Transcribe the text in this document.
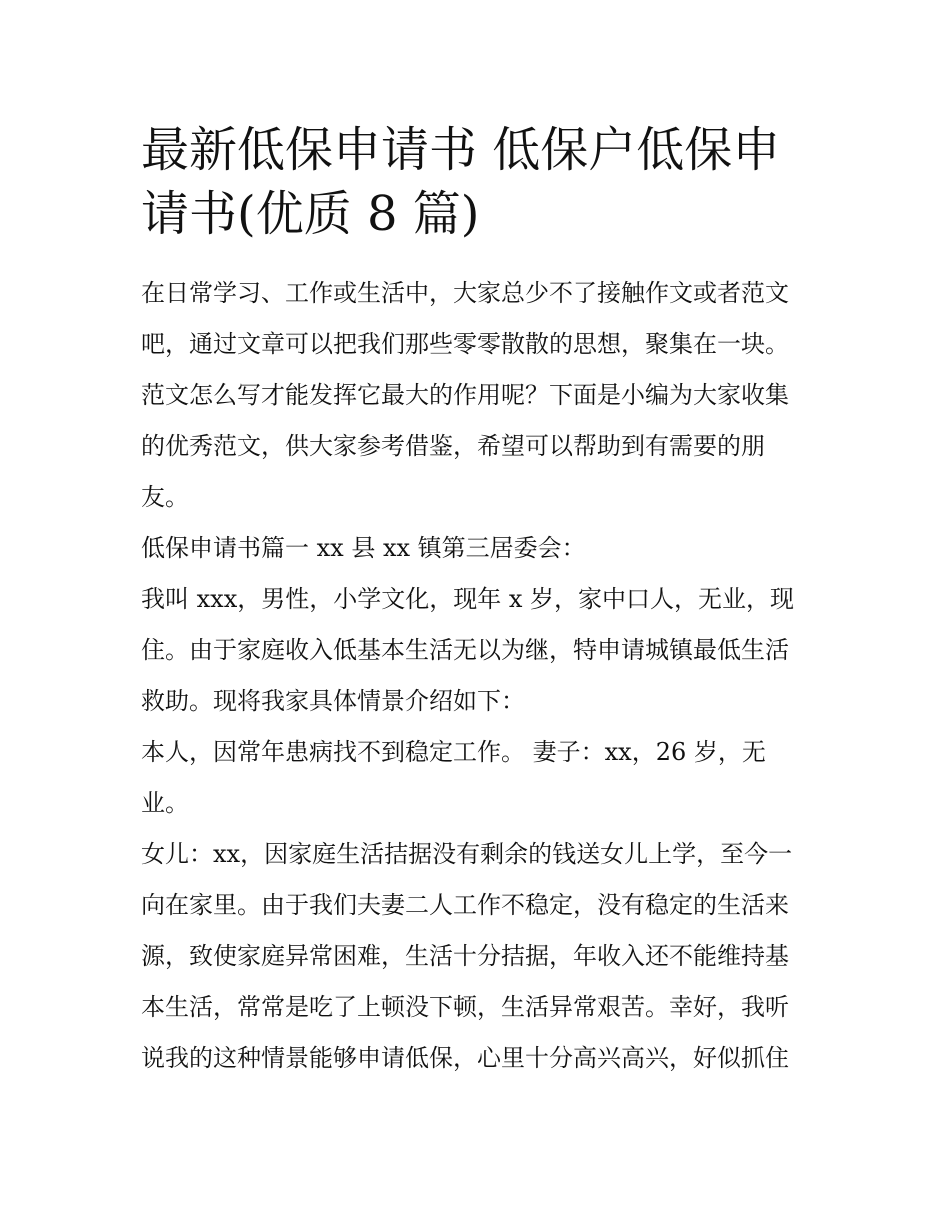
最新低保申请书 低保户低保申
请书(优质 8 篇)
在日常学习、工作或生活中，大家总少不了接触作文或者范文
吧，通过文章可以把我们那些零零散散的思想，聚集在一块。
范文怎么写才能发挥它最大的作用呢？下面是小编为大家收集
的优秀范文，供大家参考借鉴，希望可以帮助到有需要的朋
友。
低保申请书篇一 xx 县 xx 镇第三居委会：
我叫 xxx，男性，小学文化，现年 x 岁，家中口人，无业，现
住。由于家庭收入低基本生活无以为继，特申请城镇最低生活
救助。现将我家具体情景介绍如下：
本人，因常年患病找不到稳定工作。 妻子：xx，26 岁，无
业。
女儿：xx，因家庭生活拮据没有剩余的钱送女儿上学，至今一
向在家里。由于我们夫妻二人工作不稳定，没有稳定的生活来
源，致使家庭异常困难，生活十分拮据，年收入还不能维持基
本生活，常常是吃了上顿没下顿，生活异常艰苦。幸好，我听
说我的这种情景能够申请低保，心里十分高兴高兴，好似抓住
